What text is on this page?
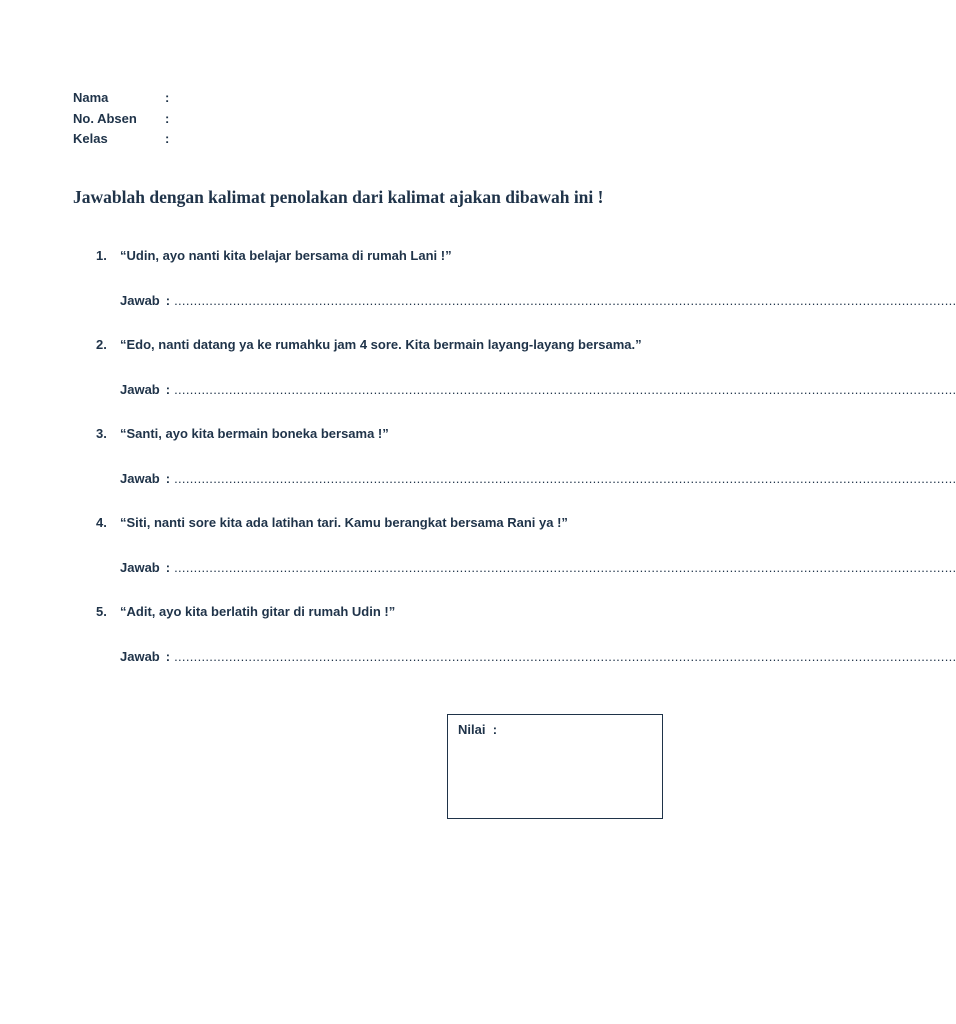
Nama	:
No. Absen	:
Kelas	:
Jawablah dengan kalimat penolakan dari kalimat ajakan dibawah ini !
1. “Udin, ayo nanti kita belajar bersama di rumah Lani !”
Jawab : ........................................................................................................................................................................................................
2. “Edo, nanti datang ya ke rumahku jam 4 sore. Kita bermain layang-layang bersama.”
Jawab : ........................................................................................................................................................................................................
3. “Santi, ayo kita bermain boneka bersama !”
Jawab : ........................................................................................................................................................................................................
4. “Siti, nanti sore kita ada latihan tari. Kamu berangkat bersama Rani ya !”
Jawab : ........................................................................................................................................................................................................
5. “Adit, ayo kita berlatih gitar di rumah Udin !”
Jawab : ........................................................................................................................................................................................................
Nilai :
